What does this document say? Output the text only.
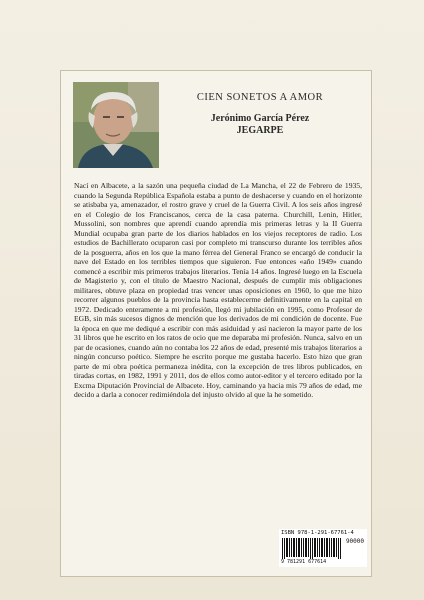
CIEN SONETOS A AMOR
Jerónimo García Pérez
JEGARPE
Nací en Albacete, a la sazón una pequeña ciudad de La Mancha, el 22 de Febrero de 1935, cuando la Segunda República Española estaba a punto de deshacerse y cuando en el horizonte se atisbaba ya, amenazador, el rostro grave y cruel de la Guerra Civil. A los seis años ingresé en el Colegio de los Franciscanos, cerca de la casa paterna. Churchill, Lenin, Hitler, Mussolini, son nombres que aprendí cuando aprendía mis primeras letras y la II Guerra Mundial ocupaba gran parte de los diarios hablados en los viejos receptores de radio. Los estudios de Bachillerato ocuparon casi por completo mi transcurso durante los terribles años de la posguerra, años en los que la mano férrea del General Franco se encargó de conducir la nave del Estado en los terribles tiempos que siguieron. Fue entonces «año 1949» cuando comencé a escribir mis primeros trabajos literarios. Tenía 14 años. Ingresé luego en la Escuela de Magisterio y, con el título de Maestro Nacional, después de cumplir mis obligaciones militares, obtuve plaza en propiedad tras vencer unas oposiciones en 1960, lo que me hizo recorrer algunos pueblos de la provincia hasta establecerme definitivamente en la capital en 1972. Dedicado enteramente a mi profesión, llegó mi jubilación en 1995, como Profesor de EGB, sin más sucesos dignos de mención que los derivados de mi condición de docente. Fue la época en que me dediqué a escribir con más asiduidad y así nacieron la mayor parte de los 31 libros que he escrito en los ratos de ocio que me deparaba mi profesión. Nunca, salvo en un par de ocasiones, cuando aún no contaba los 22 años de edad, presenté mis trabajos literarios a ningún concurso poético. Siempre he escrito porque me gustaba hacerlo. Esto hizo que gran parte de mi obra poética permaneza inédita, con la excepción de tres libros publicados, en tiradas cortas, en 1982, 1991 y 2011, dos de ellos como autor-editor y el tercero editado por la Excma Diputación Provincial de Albacete. Hoy, caminando ya hacia mis 79 años de edad, me decido a darla a conocer redimiéndola del injusto olvido al que la he sometido.
ISBN 978-1-291-67761-4
90000
9 781291 677614
